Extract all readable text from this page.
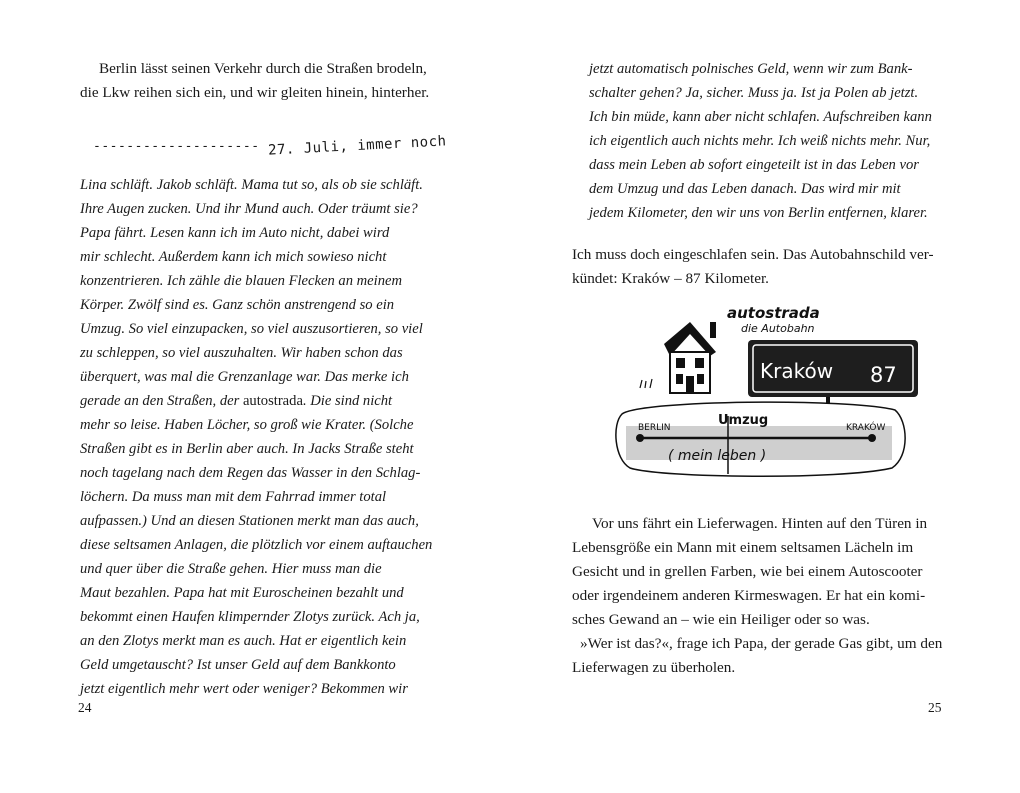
Berlin lässt seinen Verkehr durch die Straßen brodeln,
die Lkw reihen sich ein, und wir gleiten hinein, hinterher.
-------------------- 27. Juli, immer noch
Lina schläft. Jakob schläft. Mama tut so, als ob sie schläft.
Ihre Augen zucken. Und ihr Mund auch. Oder träumt sie?
Papa fährt. Lesen kann ich im Auto nicht, dabei wird
mir schlecht. Außerdem kann ich mich sowieso nicht
konzentrieren. Ich zähle die blauen Flecken an meinem
Körper. Zwölf sind es. Ganz schön anstrengend so ein
Umzug. So viel einzupacken, so viel auszusortieren, so viel
zu schleppen, so viel auszuhalten. Wir haben schon das
überquert, was mal die Grenzanlage war. Das merke ich
gerade an den Straßen, der autostrada. Die sind nicht
mehr so leise. Haben Löcher, so groß wie Krater. (Solche
Straßen gibt es in Berlin aber auch. In Jacks Straße steht
noch tagelang nach dem Regen das Wasser in den Schlag-
löchern. Da muss man mit dem Fahrrad immer total
aufpassen.) Und an diesen Stationen merkt man das auch,
diese seltsamen Anlagen, die plötzlich vor einem auftauchen
und quer über die Straße gehen. Hier muss man die
Maut bezahlen. Papa hat mit Euroscheinen bezahlt und
bekommt einen Haufen klimpernder Zlotys zurück. Ach ja,
an den Zlotys merkt man es auch. Hat er eigentlich kein
Geld umgetauscht? Ist unser Geld auf dem Bankkonto
jetzt eigentlich mehr wert oder weniger? Bekommen wir
24
jetzt automatisch polnisches Geld, wenn wir zum Bank-
schalter gehen? Ja, sicher. Muss ja. Ist ja Polen ab jetzt.
Ich bin müde, kann aber nicht schlafen. Aufschreiben kann
ich eigentlich auch nichts mehr. Ich weiß nichts mehr. Nur,
dass mein Leben ab sofort eingeteilt ist in das Leben vor
dem Umzug und das Leben danach. Das wird mir mit
jedem Kilometer, den wir uns von Berlin entfernen, klarer.
Ich muss doch eingeschlafen sein. Das Autobahnschild ver-
kündet: Kraków – 87 Kilometer.
autostrada
die Autobahn
Kraków 87
BERLIN	KRAKÓW
Umzug
( mein leben )
Vor uns fährt ein Lieferwagen. Hinten auf den Türen in
Lebensgröße ein Mann mit einem seltsamen Lächeln im
Gesicht und in grellen Farben, wie bei einem Autoscooter
oder irgendeinem anderen Kirmeswagen. Er hat ein komi-
sches Gewand an – wie ein Heiliger oder so was.
»Wer ist das?«, frage ich Papa, der gerade Gas gibt, um den
Lieferwagen zu überholen.
25
